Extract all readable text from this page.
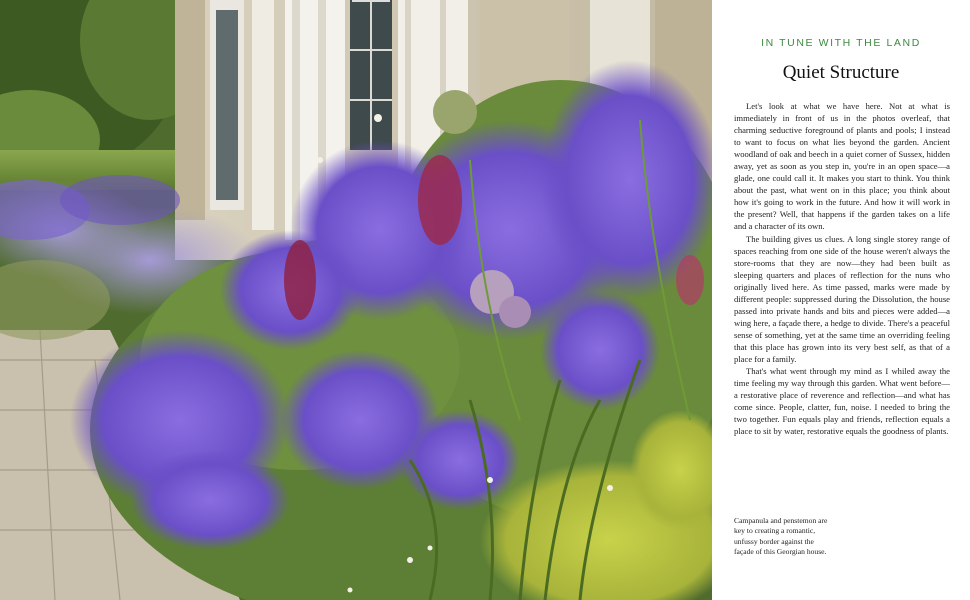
IN TUNE WITH THE LAND
Quiet Structure

Let's look at what we have here. Not at what is immediately in front of us in the photos overleaf, that charming seductive foreground of plants and pools; I instead to want to focus on what lies beyond the garden. Ancient woodland of oak and beech in a quiet corner of Sussex, hidden away, yet as soon as you step in, you're in an open space—a glade, one could call it. It makes you start to think. You think about the past, what went on in this place; you think about how it's going to work in the future. And how it will work in the present? Well, that happens if the garden takes on a life and a character of its own.

The building gives us clues. A long single storey range of spaces reaching from one side of the house weren't always the store-rooms that they are now—they had been built as sleeping quarters and places of reflection for the nuns who originally lived here. As time passed, marks were made by different people: suppressed during the Dissolution, the house passed into private hands and bits and pieces were added—a wing here, a façade there, a hedge to divide. There's a peaceful sense of something, yet at the same time an overriding feeling that this place has grown into its very best self, as that of a place for a family.

That's what went through my mind as I whiled away the time feeling my way through this garden. What went before—a restorative place of reverence and reflection—and what has come since. People, clatter, fun, noise. I needed to bring the two together. Fun equals play and friends, reflection equals a place to sit by water, restorative equals the goodness of plants.

Campanula and penstemon are key to creating a romantic, unfussy border against the façade of this Georgian house.
